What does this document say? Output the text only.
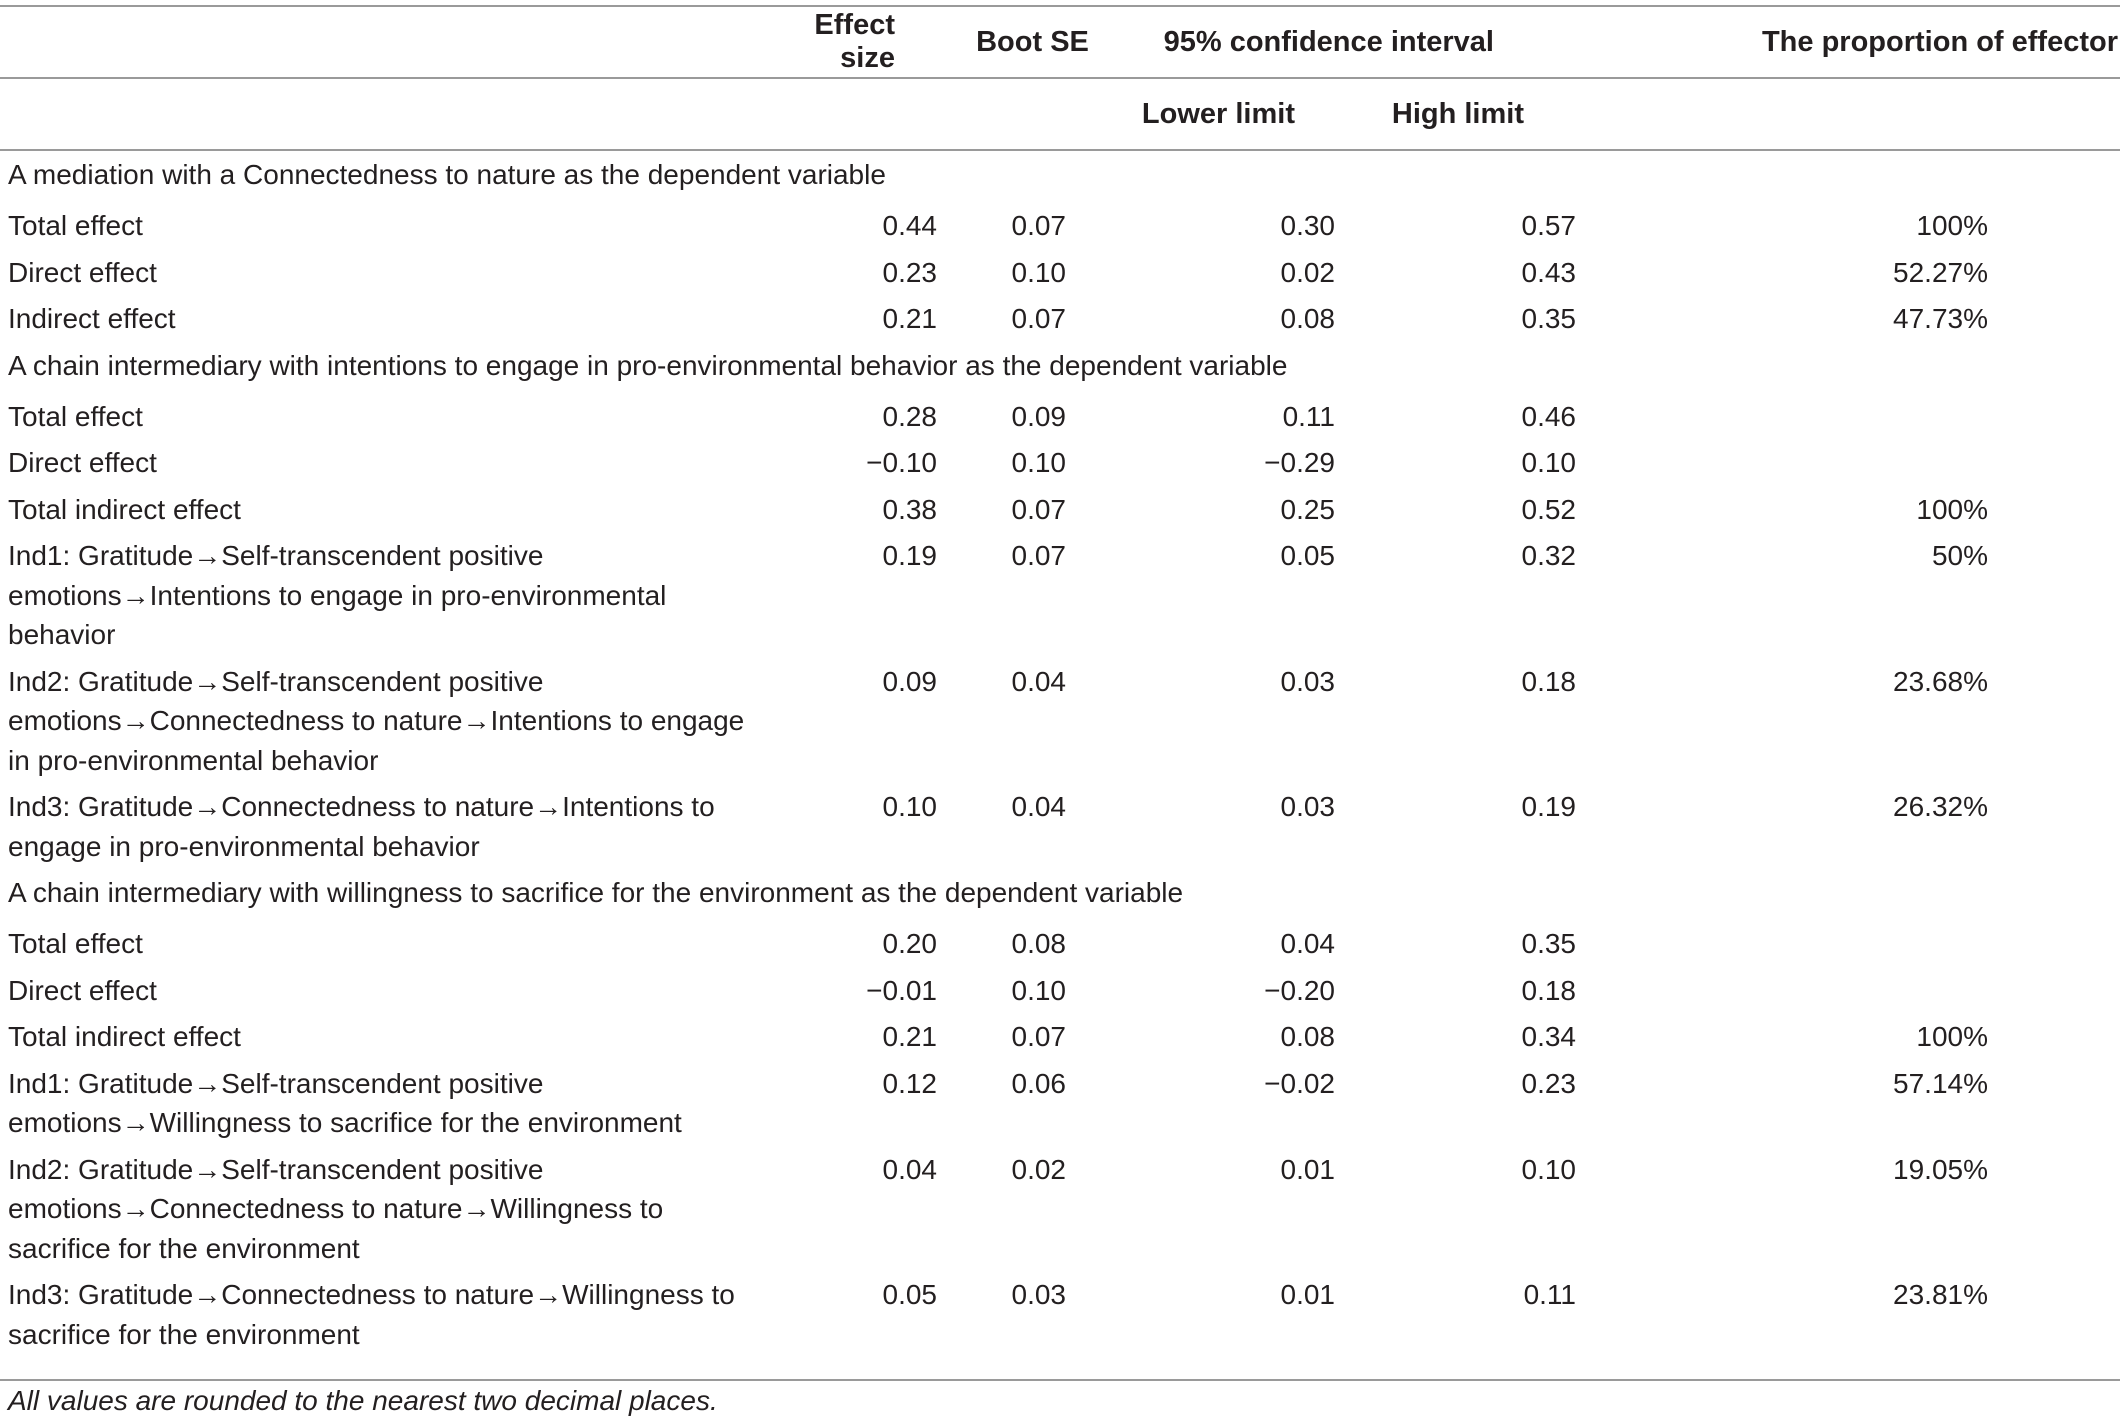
	Effect size	Boot SE	95% confidence interval		The proportion of effector
			Lower limit	High limit	
A mediation with a Connectedness to nature as the dependent variable					
Total effect	0.44	0.07	0.30	0.57	100%
Direct effect	0.23	0.10	0.02	0.43	52.27%
Indirect effect	0.21	0.07	0.08	0.35	47.73%
A chain intermediary with intentions to engage in pro-environmental behavior as the dependent variable					
Total effect	0.28	0.09	0.11	0.46	
Direct effect	−0.10	0.10	−0.29	0.10	
Total indirect effect	0.38	0.07	0.25	0.52	100%
Ind1: Gratitude→Self-transcendent positive emotions→Intentions to engage in pro-environmental behavior	0.19	0.07	0.05	0.32	50%
Ind2: Gratitude→Self-transcendent positive emotions→Connectedness to nature→Intentions to engage in pro-environmental behavior	0.09	0.04	0.03	0.18	23.68%
Ind3: Gratitude→Connectedness to nature→Intentions to engage in pro-environmental behavior	0.10	0.04	0.03	0.19	26.32%
A chain intermediary with willingness to sacrifice for the environment as the dependent variable					
Total effect	0.20	0.08	0.04	0.35	
Direct effect	−0.01	0.10	−0.20	0.18	
Total indirect effect	0.21	0.07	0.08	0.34	100%
Ind1: Gratitude→Self-transcendent positive emotions→Willingness to sacrifice for the environment	0.12	0.06	−0.02	0.23	57.14%
Ind2: Gratitude→Self-transcendent positive emotions→Connectedness to nature→Willingness to sacrifice for the environment	0.04	0.02	0.01	0.10	19.05%
Ind3: Gratitude→Connectedness to nature→Willingness to sacrifice for the environment	0.05	0.03	0.01	0.11	23.81%
All values are rounded to the nearest two decimal places.
